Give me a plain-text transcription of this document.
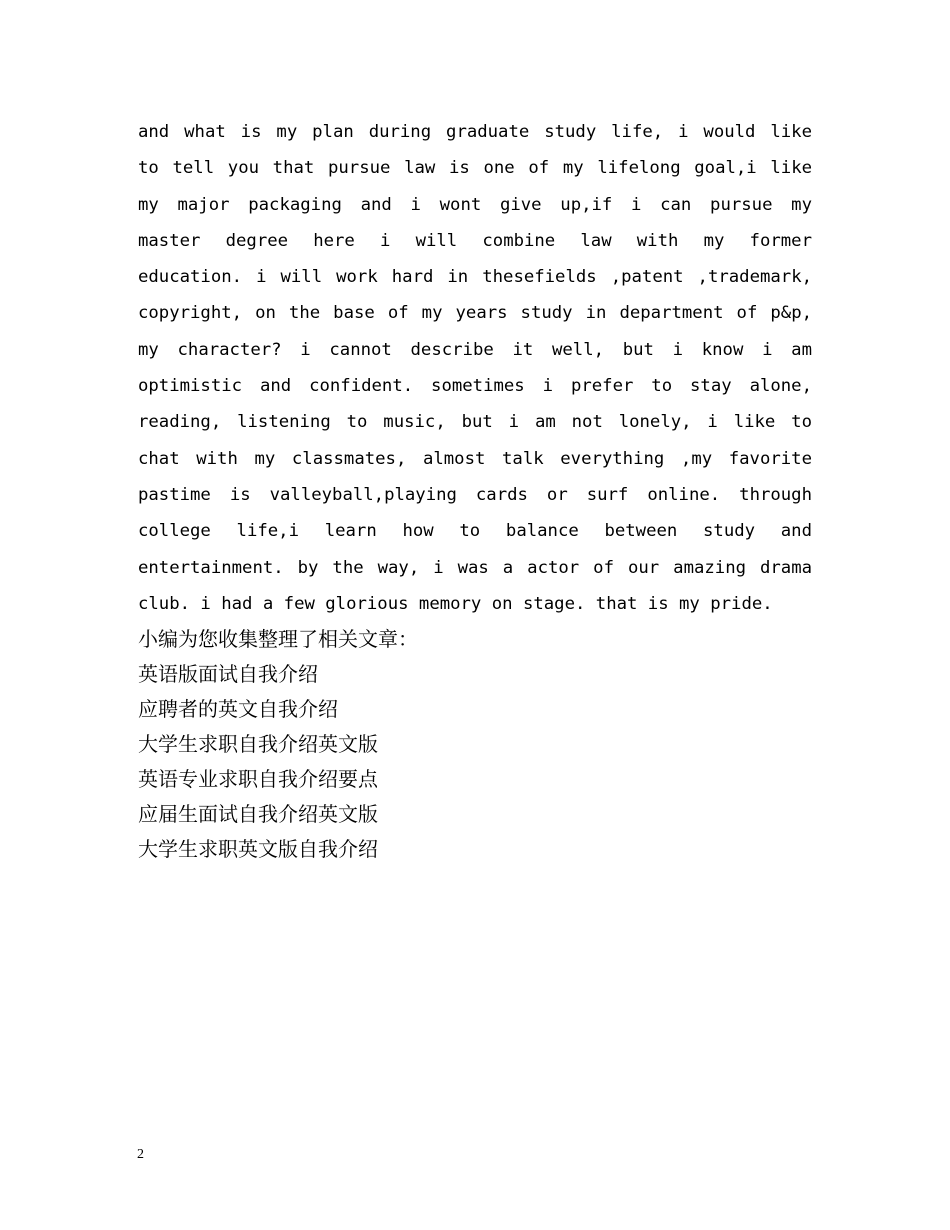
and what is my plan during graduate study life, i would like
to tell you that pursue law is one of my lifelong goal,i like
my major packaging and i wont give up,if i can pursue my
master degree here i will combine law with my former
education. i will work hard in thesefields ,patent ,trademark,
copyright, on the base of my years study in department of p&p,
my character? i cannot describe it well, but i know i am
optimistic and confident. sometimes i prefer to stay alone,
reading, listening to music, but i am not lonely, i like to
chat with my classmates, almost talk everything ,my favorite
pastime is valleyball,playing cards or surf online. through
college life,i learn how to balance between study and
entertainment. by the way, i was a actor of our amazing drama
club. i had a few glorious memory on stage. that is my pride.
小编为您收集整理了相关文章：
英语版面试自我介绍
应聘者的英文自我介绍
大学生求职自我介绍英文版
英语专业求职自我介绍要点
应届生面试自我介绍英文版
大学生求职英文版自我介绍
2
